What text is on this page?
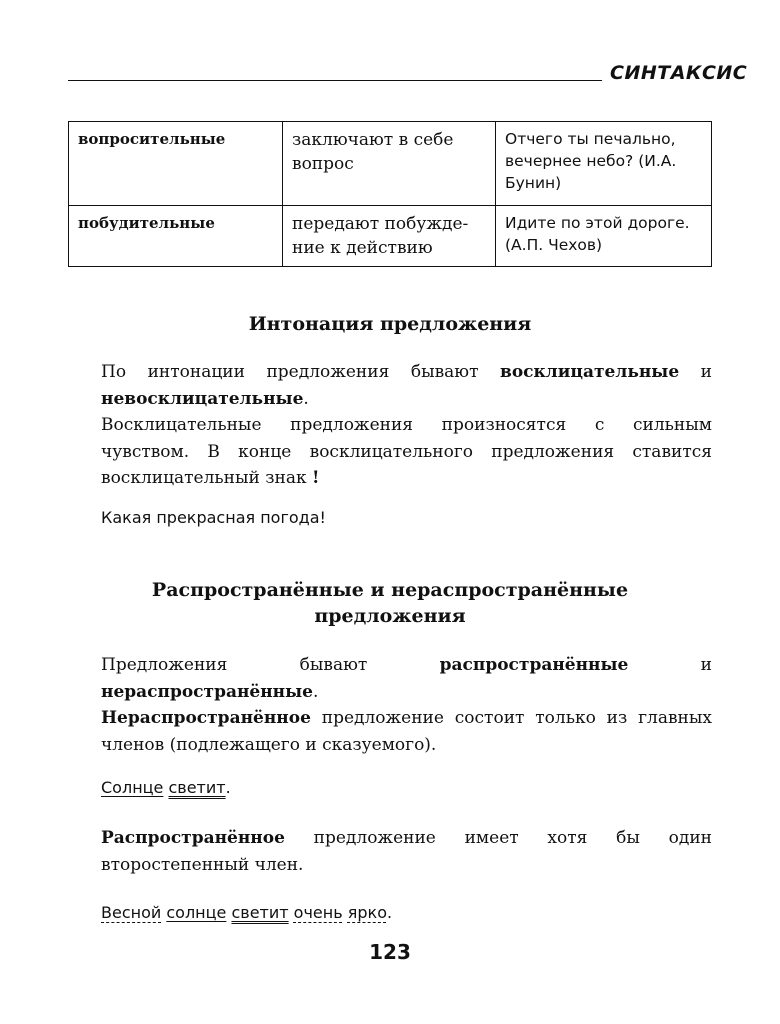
СИНТАКСИС
вопросительные	заключают в себе вопрос	Отчего ты печально, вечернее небо? (И.А. Бунин)
побудительные	передают побужде-ние к действию	Идите по этой дороге. (А.П. Чехов)
Интонация предложения

По интонации предложения бывают восклицательные и невосклицательные.

Восклицательные предложения произносятся с сильным чувством. В конце восклицательного предложения ставится восклицательный знак !

Какая прекрасная погода!

Распространённые и нераспространённые
предложения

Предложения бывают распространённые и нераспространённые.

Нераспространённое предложение состоит только из главных членов (подлежащего и сказуемого).

Солнце светит.

Распространённое предложение имеет хотя бы один второстепенный член.

Весной солнце светит очень ярко.

123
